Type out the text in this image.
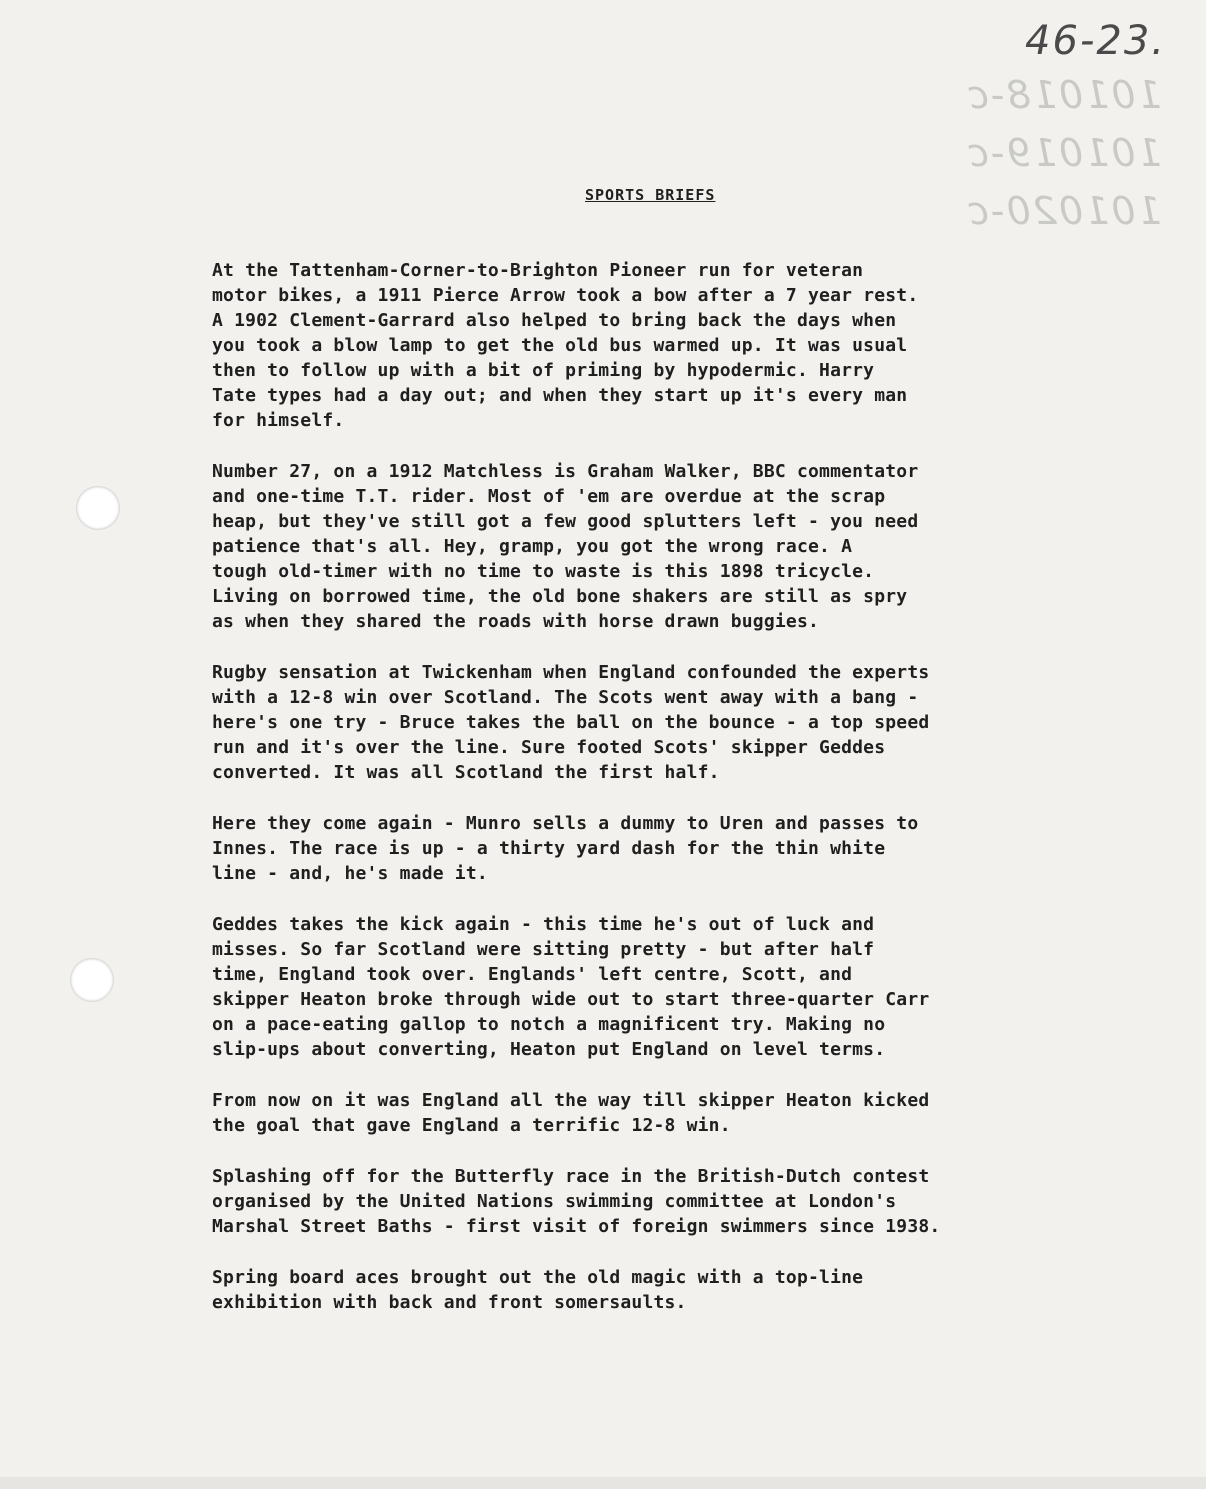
46-23.
101018-c
101019-c
101020-c
SPORTS BRIEFS

At the Tattenham-Corner-to-Brighton Pioneer run for veteran
motor bikes, a 1911 Pierce Arrow took a bow after a 7 year rest.
A 1902 Clement-Garrard also helped to bring back the days when
you took a blow lamp to get the old bus warmed up. It was usual
then to follow up with a bit of priming by hypodermic. Harry
Tate types had a day out; and when they start up it's every man
for himself.

Number 27, on a 1912 Matchless is Graham Walker, BBC commentator
and one-time T.T. rider. Most of 'em are overdue at the scrap
heap, but they've still got a few good splutters left - you need
patience that's all. Hey, gramp, you got the wrong race. A
tough old-timer with no time to waste is this 1898 tricycle.
Living on borrowed time, the old bone shakers are still as spry
as when they shared the roads with horse drawn buggies.

Rugby sensation at Twickenham when England confounded the experts
with a 12-8 win over Scotland. The Scots went away with a bang -
here's one try - Bruce takes the ball on the bounce - a top speed
run and it's over the line. Sure footed Scots' skipper Geddes
converted. It was all Scotland the first half.

Here they come again - Munro sells a dummy to Uren and passes to
Innes. The race is up - a thirty yard dash for the thin white
line - and, he's made it.

Geddes takes the kick again - this time he's out of luck and
misses. So far Scotland were sitting pretty - but after half
time, England took over. Englands' left centre, Scott, and
skipper Heaton broke through wide out to start three-quarter Carr
on a pace-eating gallop to notch a magnificent try. Making no
slip-ups about converting, Heaton put England on level terms.

From now on it was England all the way till skipper Heaton kicked
the goal that gave England a terrific 12-8 win.

Splashing off for the Butterfly race in the British-Dutch contest
organised by the United Nations swimming committee at London's
Marshal Street Baths - first visit of foreign swimmers since 1938.

Spring board aces brought out the old magic with a top-line
exhibition with back and front somersaults.
